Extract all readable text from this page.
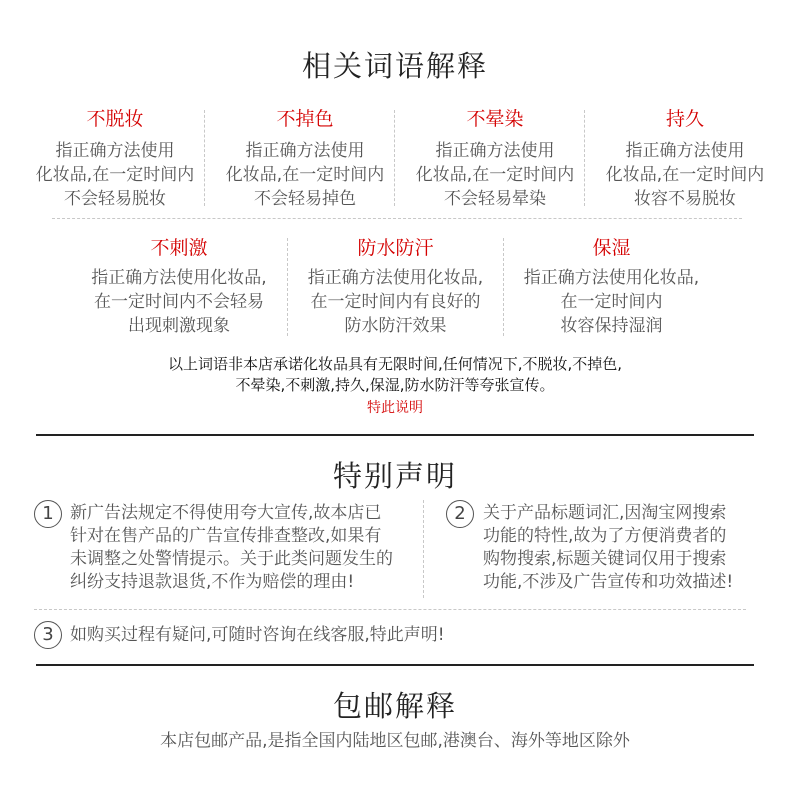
相关词语解释
不脱妆
指正确方法使用
化妆品,在一定时间内
不会轻易脱妆
不掉色
指正确方法使用
化妆品,在一定时间内
不会轻易掉色
不晕染
指正确方法使用
化妆品,在一定时间内
不会轻易晕染
持久
指正确方法使用
化妆品,在一定时间内
妆容不易脱妆
不刺激
指正确方法使用化妆品,
在一定时间内不会轻易
出现刺激现象
防水防汗
指正确方法使用化妆品,
在一定时间内有良好的
防水防汗效果
保湿
指正确方法使用化妆品,
在一定时间内
妆容保持湿润
以上词语非本店承诺化妆品具有无限时间,任何情况下,不脱妆,不掉色,
不晕染,不刺激,持久,保湿,防水防汗等夸张宣传。
特此说明
特别声明
1 新广告法规定不得使用夸大宣传,故本店已
针对在售产品的广告宣传排查整改,如果有
未调整之处警情提示。关于此类问题发生的
纠纷支持退款退货,不作为赔偿的理由!
2	关于产品标题词汇,因淘宝网搜索
功能的特性,故为了方便消费者的
购物搜索,标题关键词仅用于搜索
功能,不涉及广告宣传和功效描述!
3 如购买过程有疑问,可随时咨询在线客服,特此声明!
包邮解释
本店包邮产品,是指全国内陆地区包邮,港澳台、海外等地区除外
